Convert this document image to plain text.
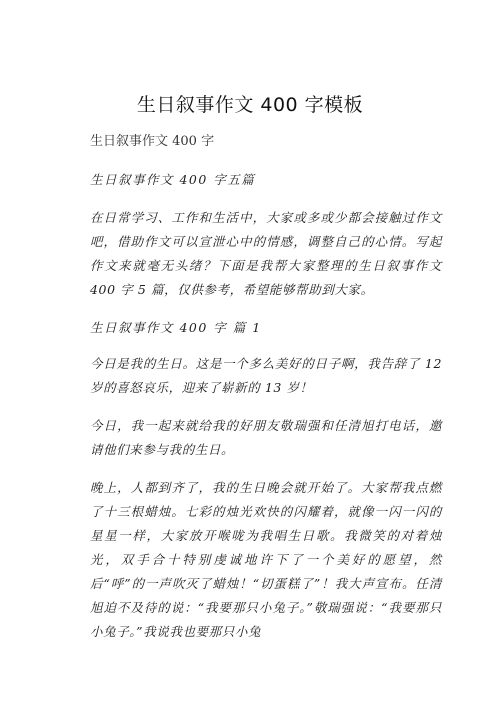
生日叙事作文 400 字模板
生日叙事作文 400 字
生日叙事作文 400 字五篇
在日常学习、工作和生活中，大家或多或少都会接触过作文吧，借助作文可以宣泄心中的情感，调整自己的心情。写起作文来就毫无头绪？下面是我帮大家整理的生日叙事作文 400 字 5 篇，仅供参考，希望能够帮助到大家。
生日叙事作文 400 字 篇 1
今日是我的生日。这是一个多么美好的日子啊，我告辞了 12 岁的喜怒哀乐，迎来了崭新的 13 岁！
今日，我一起来就给我的好朋友敬瑞强和任清旭打电话，邀请他们来参与我的生日。
晚上，人都到齐了，我的生日晚会就开始了。大家帮我点燃了十三根蜡烛。七彩的烛光欢快的闪耀着，就像一闪一闪的星星一样，大家放开喉咙为我唱生日歌。我微笑的对着烛光，双手合十特别虔诚地许下了一个美好的愿望，然后“呼”的一声吹灭了蜡烛！“切蛋糕了”！我大声宣布。任清旭迫不及待的说：“我要那只小兔子。”敬瑞强说：“我要那只小兔子。”我说我也要那只小兔
